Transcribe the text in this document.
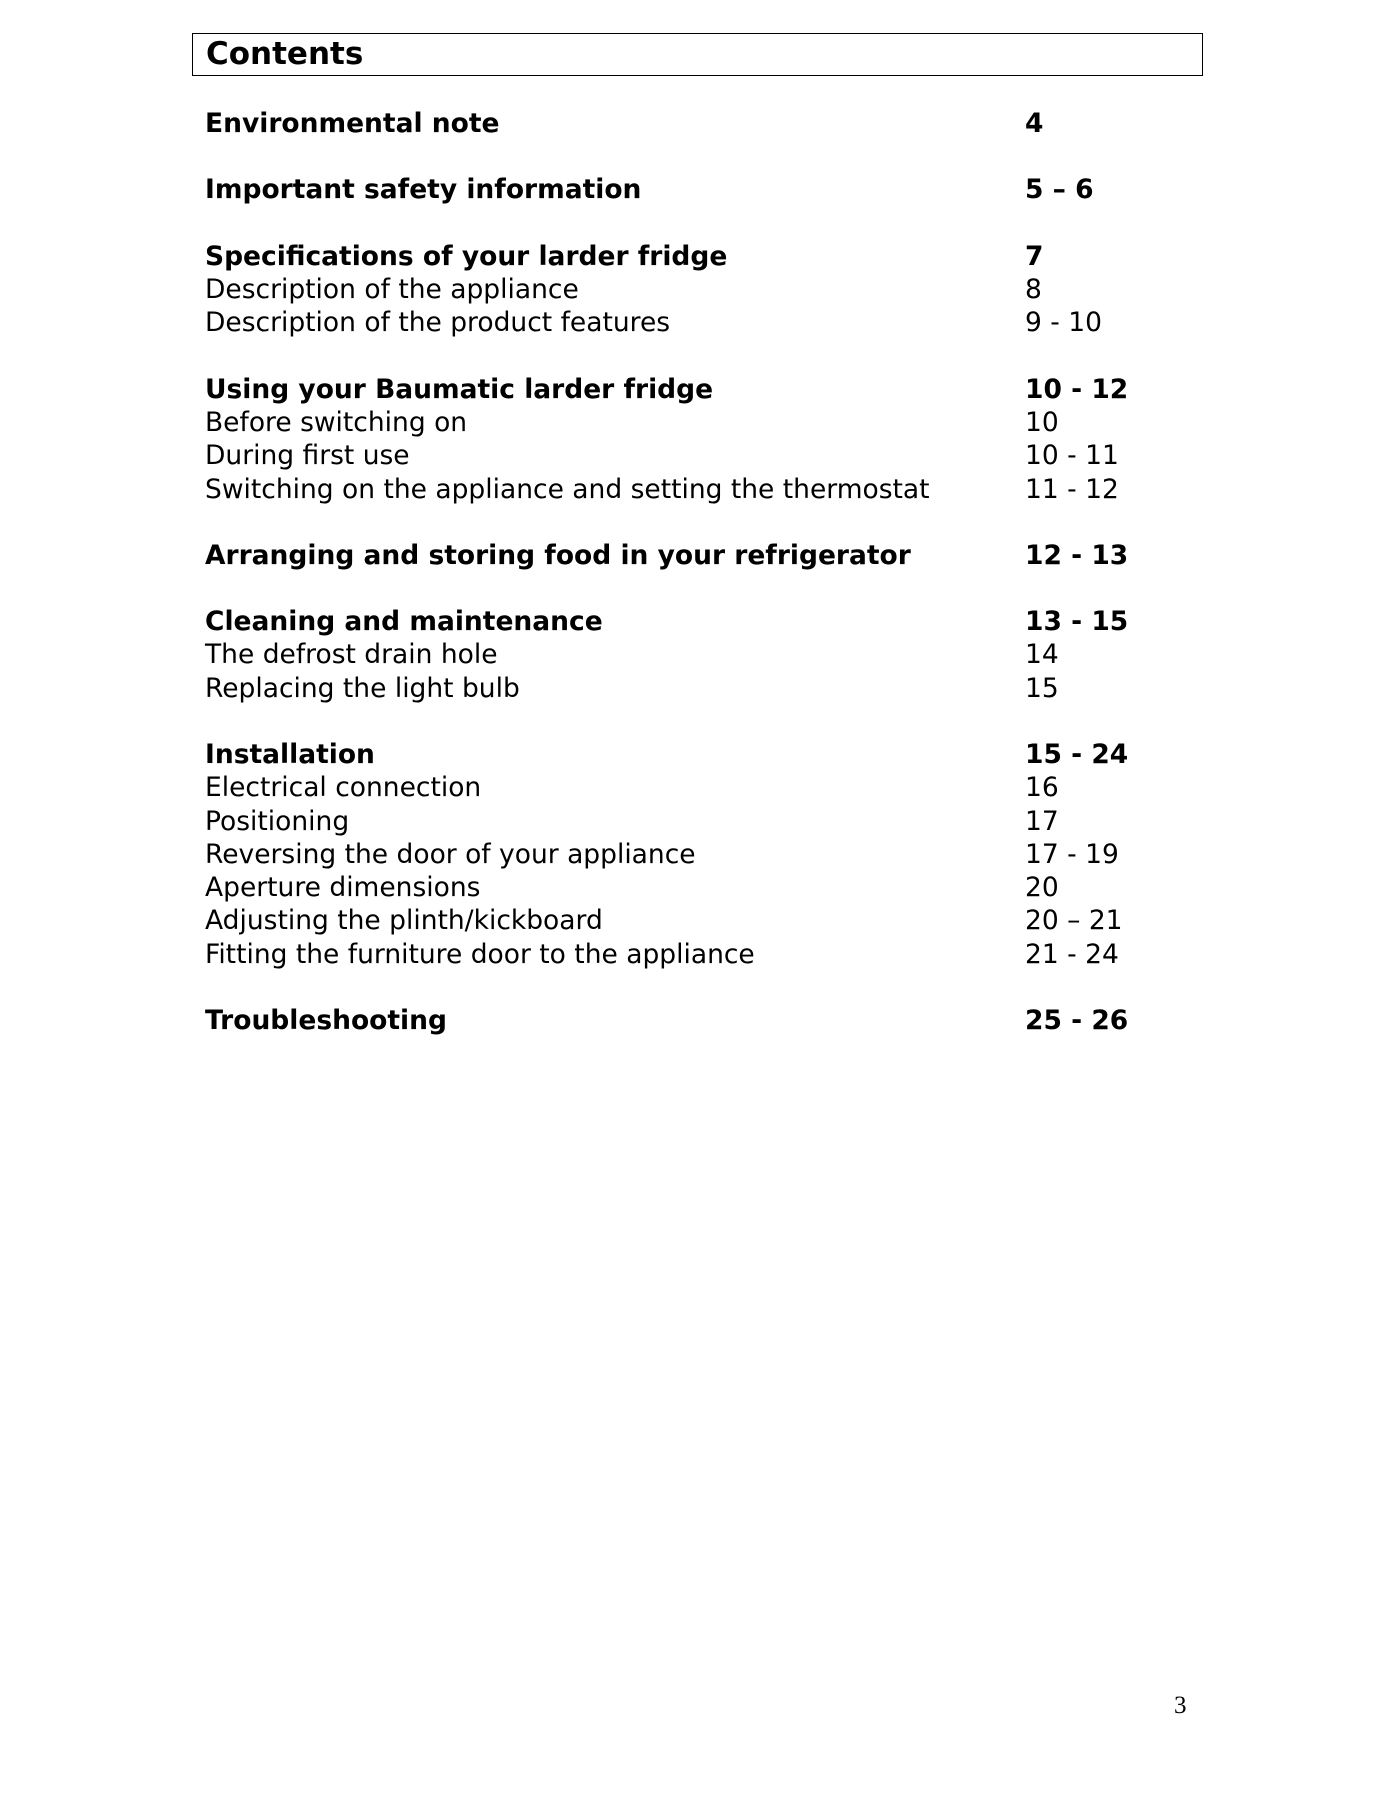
Contents
Environmental note	4
Important safety information	5 – 6
Specifications of your larder fridge	7
Description of the appliance	8
Description of the product features	9 - 10
Using your Baumatic larder fridge	10 - 12
Before switching on	10
During first use	10 - 11
Switching on the appliance and setting the thermostat	11 - 12
Arranging and storing food in your refrigerator	12 - 13
Cleaning and maintenance	13 - 15
The defrost drain hole	14
Replacing the light bulb	15
Installation	15 - 24
Electrical connection	16
Positioning	17
Reversing the door of your appliance	17 - 19
Aperture dimensions	20
Adjusting the plinth/kickboard	20 – 21
Fitting the furniture door to the appliance	21 - 24
Troubleshooting	25 - 26
3
